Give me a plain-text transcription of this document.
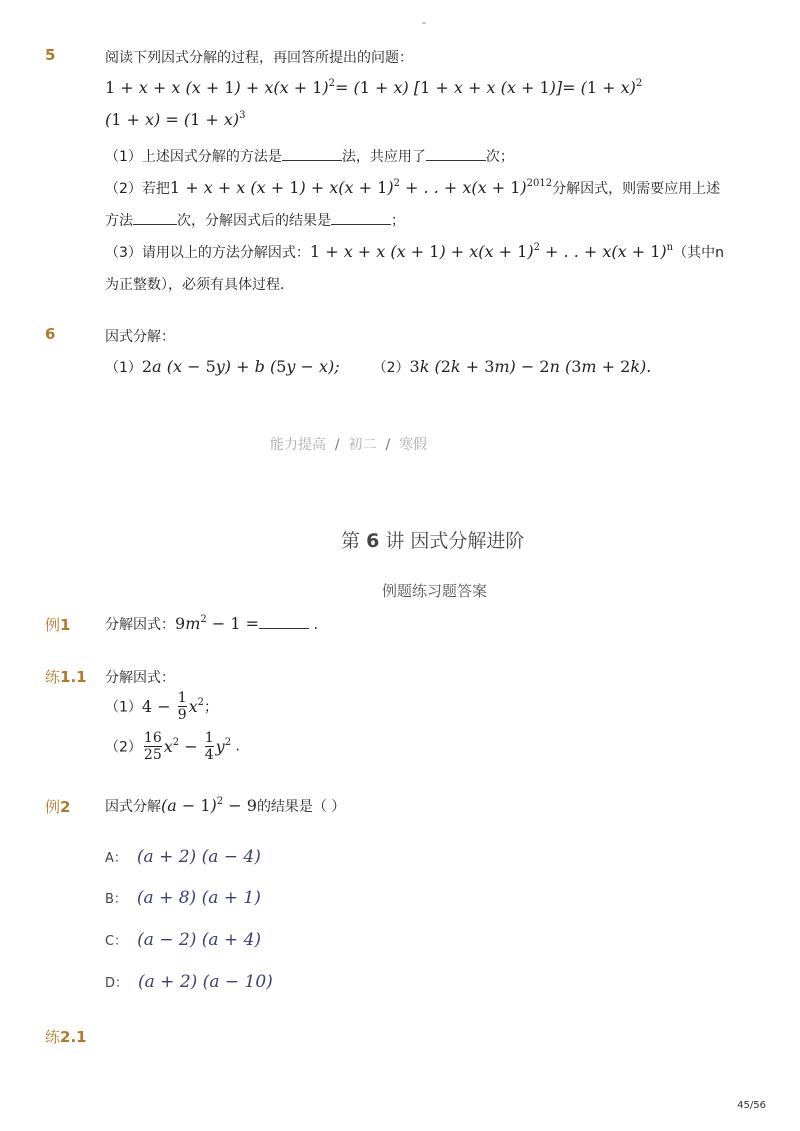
-
5	阅读下列因式分解的过程，再回答所提出的问题：
1 + x + x $(x + 1) + x(x + 1)^2= (1 + x)$ [1 + x + x $(x + 1)]= (1 + x)^2$
$(1 + x) = (1 + x)^3$
（1）上述因式分解的方法是	法，共应用了	次；
（2）若把1 + x + x $(x + 1) + x(x + 1)^2$ + . . + $x(x + 1)^{2012}$分解因式，则需要应用上述
方法	次，分解因式后的结果是	；
（3）请用以上的方法分解因式：1 + x + x $(x + 1) + x(x + 1)^2$ + . . + $x(x + 1)^n$（其中n
为正整数），必须有具体过程．
6	因式分解：
（1）2a (x − 5y) + b (5y − x); （2）3k (2k + 3m) − 2n (3m + 2k).
能力提高 / 初二 / 寒假
第 6 讲 因式分解进阶
例题练习题答案
例1 分解因式：$9m^2 - 1$ =	.
练1.1 分解因式：
$(1)4 - \frac{1}{9} x^2$；
$(2) \frac{16}{25} x^2 - \frac{1}{4} y^2$ .
例2 因式分解$(a - 1)^2 - 9$的结果是（ ）
A： (a + 2) (a − 4)
B： (a + 8) (a + 1)
C： (a − 2) (a + 4)
D： (a + 2) (a − 10)
练2.1
45/56
